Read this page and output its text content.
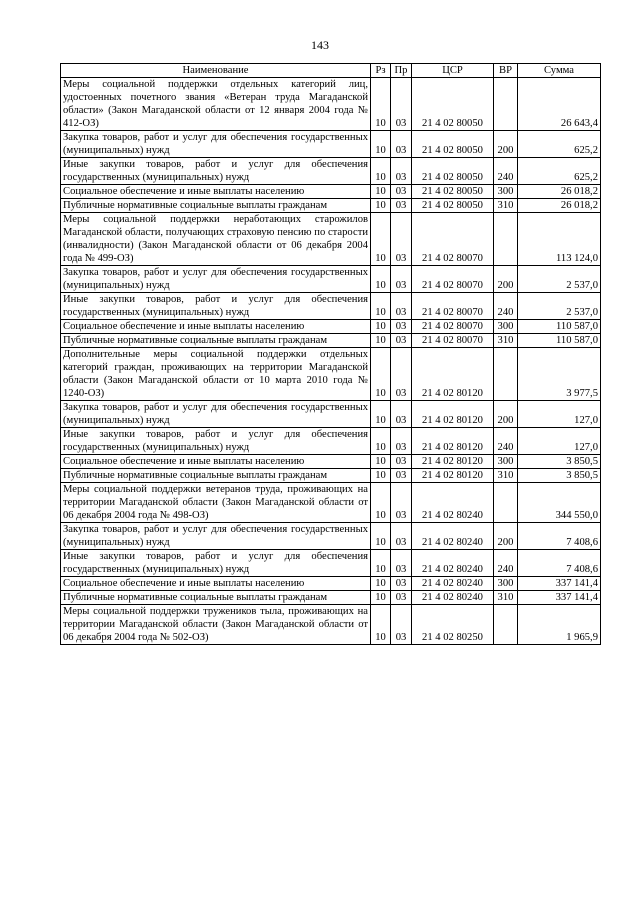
143
Наименование	Рз	Пр	ЦСР	ВР	Сумма
Меры социальной поддержки отдельных категорий лиц, удостоенных почетного звания «Ветеран труда Магаданской области» (Закон Магаданской области от 12 января 2004 года № 412-ОЗ)	10	03	21 4 02 80050		26 643,4
Закупка товаров, работ и услуг для обеспечения государственных (муниципальных) нужд	10	03	21 4 02 80050	200	625,2
Иные закупки товаров, работ и услуг для обеспечения государственных (муниципальных) нужд	10	03	21 4 02 80050	240	625,2
Социальное обеспечение и иные выплаты населению	10	03	21 4 02 80050	300	26 018,2
Публичные нормативные социальные выплаты гражданам	10	03	21 4 02 80050	310	26 018,2
Меры социальной поддержки неработающих старожилов Магаданской области, получающих страховую пенсию по старости (инвалидности) (Закон Магаданской области от 06 декабря 2004 года № 499-ОЗ)	10	03	21 4 02 80070		113 124,0
Закупка товаров, работ и услуг для обеспечения государственных (муниципальных) нужд	10	03	21 4 02 80070	200	2 537,0
Иные закупки товаров, работ и услуг для обеспечения государственных (муниципальных) нужд	10	03	21 4 02 80070	240	2 537,0
Социальное обеспечение и иные выплаты населению	10	03	21 4 02 80070	300	110 587,0
Публичные нормативные социальные выплаты гражданам	10	03	21 4 02 80070	310	110 587,0
Дополнительные меры социальной поддержки отдельных категорий граждан, проживающих на территории Магаданской области (Закон Магаданской области от 10 марта 2010 года № 1240-ОЗ)	10	03	21 4 02 80120		3 977,5
Закупка товаров, работ и услуг для обеспечения государственных (муниципальных) нужд	10	03	21 4 02 80120	200	127,0
Иные закупки товаров, работ и услуг для обеспечения государственных (муниципальных) нужд	10	03	21 4 02 80120	240	127,0
Социальное обеспечение и иные выплаты населению	10	03	21 4 02 80120	300	3 850,5
Публичные нормативные социальные выплаты гражданам	10	03	21 4 02 80120	310	3 850,5
Меры социальной поддержки ветеранов труда, проживающих на территории Магаданской области (Закон Магаданской области от 06 декабря 2004 года № 498-ОЗ)	10	03	21 4 02 80240		344 550,0
Закупка товаров, работ и услуг для обеспечения государственных (муниципальных) нужд	10	03	21 4 02 80240	200	7 408,6
Иные закупки товаров, работ и услуг для обеспечения государственных (муниципальных) нужд	10	03	21 4 02 80240	240	7 408,6
Социальное обеспечение и иные выплаты населению	10	03	21 4 02 80240	300	337 141,4
Публичные нормативные социальные выплаты гражданам	10	03	21 4 02 80240	310	337 141,4
Меры социальной поддержки тружеников тыла, проживающих на территории Магаданской области (Закон Магаданской области от 06 декабря 2004 года № 502-ОЗ)	10	03	21 4 02 80250		1 965,9
